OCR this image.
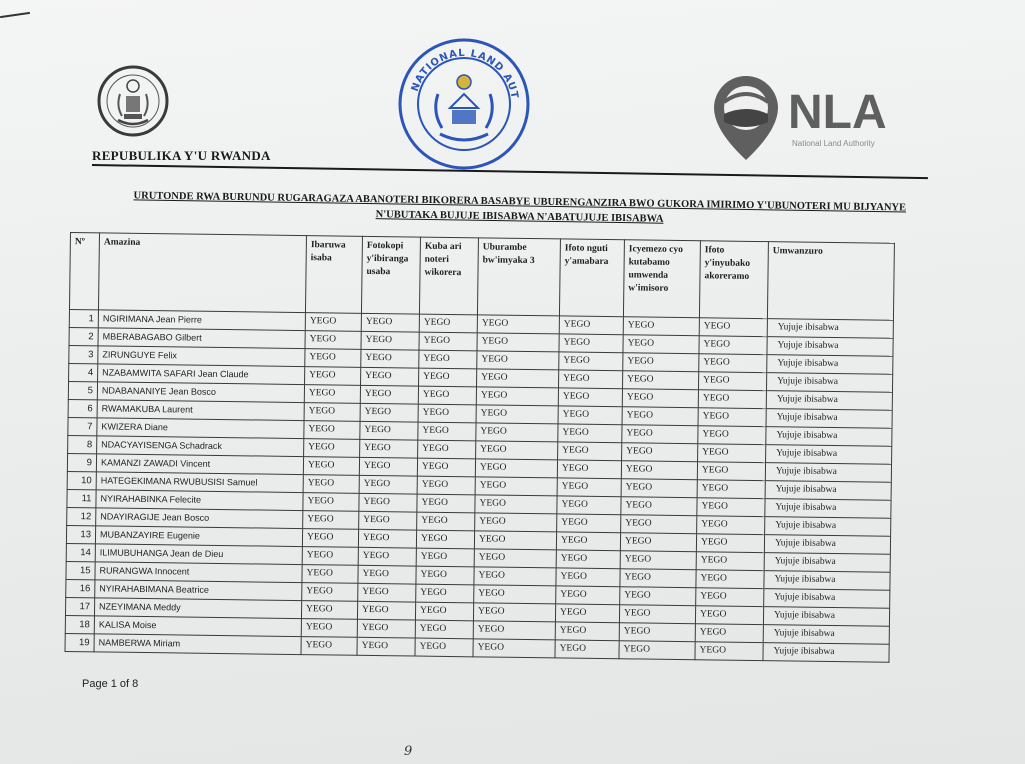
REPUBULIKA Y'U RWANDA
NATIONAL LAND AUT	NLA
National Land Authority
URUTONDE RWA BURUNDU RUGARAGAZA ABANOTERI BIKORERA BASABYE UBURENGANZIRA BWO GUKORA IMIRIMO Y'UBUNOTERI MU BIJYANYE
N'UBUTAKA BUJUJE IBISABWA N'ABATUJUJE IBISABWA
Nº	Amazina	Ibaruwa isaba	Fotokopi y'ibiranga usaba	Kuba ari noteri wikorera	Uburambe bw'imyaka 3	Ifoto nguti y'amabara	Icyemezo cyo kutabamo umwenda w'imisoro	Ifoto y'inyubako akoreramo	Umwanzuro
1	NGIRIMANA Jean Pierre	YEGO	YEGO	YEGO	YEGO	YEGO	YEGO	YEGO	Yujuje ibisabwa
2	MBERABAGABO Gilbert	YEGO	YEGO	YEGO	YEGO	YEGO	YEGO	YEGO	Yujuje ibisabwa
3	ZIRUNGUYE Felix	YEGO	YEGO	YEGO	YEGO	YEGO	YEGO	YEGO	Yujuje ibisabwa
4	NZABAMWITA SAFARI Jean Claude	YEGO	YEGO	YEGO	YEGO	YEGO	YEGO	YEGO	Yujuje ibisabwa
5	NDABANANIYE Jean Bosco	YEGO	YEGO	YEGO	YEGO	YEGO	YEGO	YEGO	Yujuje ibisabwa
6	RWAMAKUBA Laurent	YEGO	YEGO	YEGO	YEGO	YEGO	YEGO	YEGO	Yujuje ibisabwa
7	KWIZERA Diane	YEGO	YEGO	YEGO	YEGO	YEGO	YEGO	YEGO	Yujuje ibisabwa
8	NDACYAYISENGA Schadrack	YEGO	YEGO	YEGO	YEGO	YEGO	YEGO	YEGO	Yujuje ibisabwa
9	KAMANZI ZAWADI Vincent	YEGO	YEGO	YEGO	YEGO	YEGO	YEGO	YEGO	Yujuje ibisabwa
10	HATEGEKIMANA RWUBUSISI Samuel	YEGO	YEGO	YEGO	YEGO	YEGO	YEGO	YEGO	Yujuje ibisabwa
11	NYIRAHABINKA Felecite	YEGO	YEGO	YEGO	YEGO	YEGO	YEGO	YEGO	Yujuje ibisabwa
12	NDAYIRAGIJE Jean Bosco	YEGO	YEGO	YEGO	YEGO	YEGO	YEGO	YEGO	Yujuje ibisabwa
13	MUBANZAYIRE Eugenie	YEGO	YEGO	YEGO	YEGO	YEGO	YEGO	YEGO	Yujuje ibisabwa
14	ILIMUBUHANGA Jean de Dieu	YEGO	YEGO	YEGO	YEGO	YEGO	YEGO	YEGO	Yujuje ibisabwa
15	RURANGWA Innocent	YEGO	YEGO	YEGO	YEGO	YEGO	YEGO	YEGO	Yujuje ibisabwa
16	NYIRAHABIMANA Beatrice	YEGO	YEGO	YEGO	YEGO	YEGO	YEGO	YEGO	Yujuje ibisabwa
17	NZEYIMANA Meddy	YEGO	YEGO	YEGO	YEGO	YEGO	YEGO	YEGO	Yujuje ibisabwa
18	KALISA Moise	YEGO	YEGO	YEGO	YEGO	YEGO	YEGO	YEGO	Yujuje ibisabwa
19	NAMBERWA Miriam	YEGO	YEGO	YEGO	YEGO	YEGO	YEGO	YEGO	Yujuje ibisabwa
Page 1 of 8
9
